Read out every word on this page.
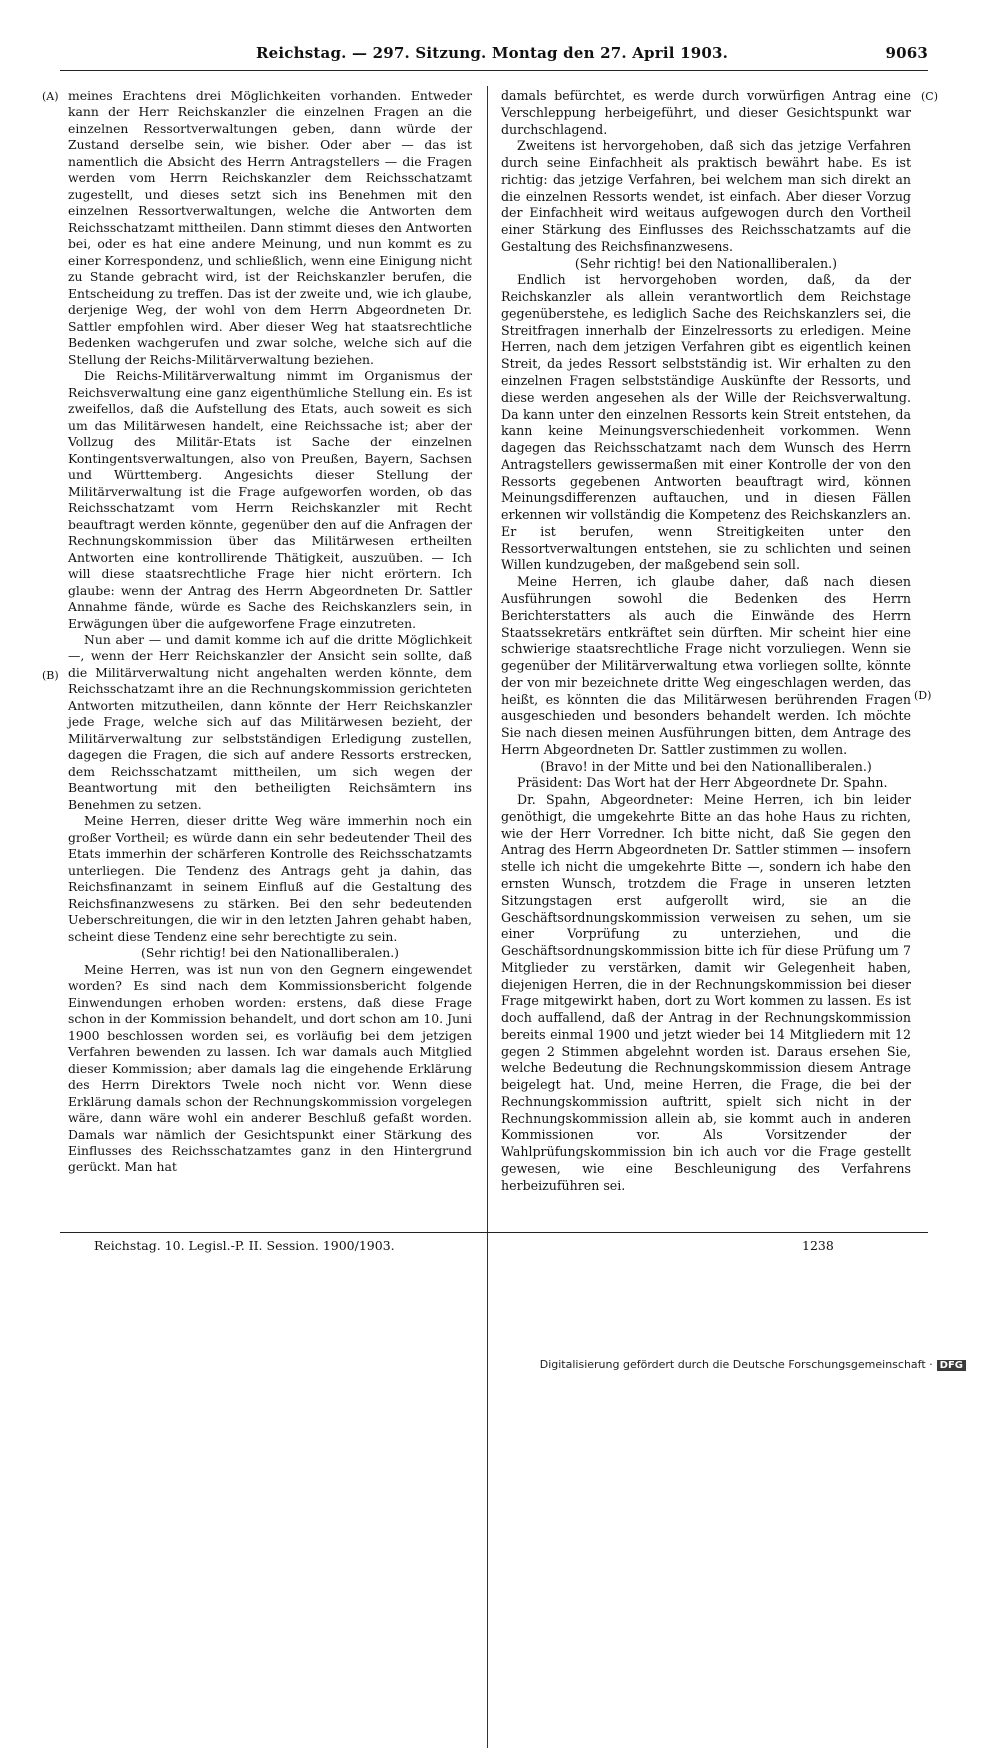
Reichstag. — 297. Sitzung. Montag den 27. April 1903.	9063
(A)
(B)
(C)
(D)

meines Erachtens drei Möglichkeiten vorhanden. Entweder kann der Herr Reichskanzler die einzelnen Fragen an die einzelnen Ressortverwaltungen geben, dann würde der Zustand derselbe sein, wie bisher. Oder aber — das ist namentlich die Absicht des Herrn Antragstellers — die Fragen werden vom Herrn Reichskanzler dem Reichsschatzamt zugestellt, und dieses setzt sich ins Benehmen mit den einzelnen Ressortverwaltungen, welche die Antworten dem Reichsschatzamt mittheilen. Dann stimmt dieses den Antworten bei, oder es hat eine andere Meinung, und nun kommt es zu einer Korrespondenz, und schließlich, wenn eine Einigung nicht zu Stande gebracht wird, ist der Reichskanzler berufen, die Entscheidung zu treffen. Das ist der zweite und, wie ich glaube, derjenige Weg, der wohl von dem Herrn Abgeordneten Dr. Sattler empfohlen wird. Aber dieser Weg hat staatsrechtliche Bedenken wachgerufen und zwar solche, welche sich auf die Stellung der Reichs-Militärverwaltung beziehen.

Die Reichs-Militärverwaltung nimmt im Organismus der Reichsverwaltung eine ganz eigenthümliche Stellung ein. Es ist zweifellos, daß die Aufstellung des Etats, auch soweit es sich um das Militärwesen handelt, eine Reichssache ist; aber der Vollzug des Militär-Etats ist Sache der einzelnen Kontingentsverwaltungen, also von Preußen, Bayern, Sachsen und Württemberg. Angesichts dieser Stellung der Militärverwaltung ist die Frage aufgeworfen worden, ob das Reichsschatzamt vom Herrn Reichskanzler mit Recht beauftragt werden könnte, gegenüber den auf die Anfragen der Rechnungskommission über das Militärwesen ertheilten Antworten eine kontrollirende Thätigkeit, auszuüben. — Ich will diese staatsrechtliche Frage hier nicht erörtern. Ich glaube: wenn der Antrag des Herrn Abgeordneten Dr. Sattler Annahme fände, würde es Sache des Reichskanzlers sein, in Erwägungen über die aufgeworfene Frage einzutreten.

Nun aber — und damit komme ich auf die dritte Möglichkeit —, wenn der Herr Reichskanzler der Ansicht sein sollte, daß die Militärverwaltung nicht angehalten werden könnte, dem Reichsschatzamt ihre an die Rechnungskommission gerichteten Antworten mitzutheilen, dann könnte der Herr Reichskanzler jede Frage, welche sich auf das Militärwesen bezieht, der Militärverwaltung zur selbstständigen Erledigung zustellen, dagegen die Fragen, die sich auf andere Ressorts erstrecken, dem Reichsschatzamt mittheilen, um sich wegen der Beantwortung mit den betheiligten Reichsämtern ins Benehmen zu setzen.

Meine Herren, dieser dritte Weg wäre immerhin noch ein großer Vortheil; es würde dann ein sehr bedeutender Theil des Etats immerhin der schärferen Kontrolle des Reichsschatzamts unterliegen. Die Tendenz des Antrags geht ja dahin, das Reichsfinanzamt in seinem Einfluß auf die Gestaltung des Reichsfinanzwesens zu stärken. Bei den sehr bedeutenden Ueberschreitungen, die wir in den letzten Jahren gehabt haben, scheint diese Tendenz eine sehr berechtigte zu sein.

(Sehr richtig! bei den Nationalliberalen.)

Meine Herren, was ist nun von den Gegnern eingewendet worden? Es sind nach dem Kommissionsbericht folgende Einwendungen erhoben worden: erstens, daß diese Frage schon in der Kommission behandelt, und dort schon am 10. Juni 1900 beschlossen worden sei, es vorläufig bei dem jetzigen Verfahren bewenden zu lassen. Ich war damals auch Mitglied dieser Kommission; aber damals lag die eingehende Erklärung des Herrn Direktors Twele noch nicht vor. Wenn diese Erklärung damals schon der Rechnungskommission vorgelegen wäre, dann wäre wohl ein anderer Beschluß gefaßt worden. Damals war nämlich der Gesichtspunkt einer Stärkung des Einflusses des Reichsschatzamtes ganz in den Hintergrund gerückt. Man hat

damals befürchtet, es werde durch vorwürfigen Antrag eine Verschleppung herbeigeführt, und dieser Gesichtspunkt war durchschlagend.

Zweitens ist hervorgehoben, daß sich das jetzige Verfahren durch seine Einfachheit als praktisch bewährt habe. Es ist richtig: das jetzige Verfahren, bei welchem man sich direkt an die einzelnen Ressorts wendet, ist einfach. Aber dieser Vorzug der Einfachheit wird weitaus aufgewogen durch den Vortheil einer Stärkung des Einflusses des Reichsschatzamts auf die Gestaltung des Reichsfinanzwesens.

(Sehr richtig! bei den Nationalliberalen.)

Endlich ist hervorgehoben worden, daß, da der Reichskanzler als allein verantwortlich dem Reichstage gegenüberstehe, es lediglich Sache des Reichskanzlers sei, die Streitfragen innerhalb der Einzelressorts zu erledigen. Meine Herren, nach dem jetzigen Verfahren gibt es eigentlich keinen Streit, da jedes Ressort selbstständig ist. Wir erhalten zu den einzelnen Fragen selbstständige Auskünfte der Ressorts, und diese werden angesehen als der Wille der Reichsverwaltung. Da kann unter den einzelnen Ressorts kein Streit entstehen, da kann keine Meinungsverschiedenheit vorkommen. Wenn dagegen das Reichsschatzamt nach dem Wunsch des Herrn Antragstellers gewissermaßen mit einer Kontrolle der von den Ressorts gegebenen Antworten beauftragt wird, können Meinungsdifferenzen auftauchen, und in diesen Fällen erkennen wir vollständig die Kompetenz des Reichskanzlers an. Er ist berufen, wenn Streitigkeiten unter den Ressortverwaltungen entstehen, sie zu schlichten und seinen Willen kundzugeben, der maßgebend sein soll.

Meine Herren, ich glaube daher, daß nach diesen Ausführungen sowohl die Bedenken des Herrn Berichterstatters als auch die Einwände des Herrn Staatssekretärs entkräftet sein dürften. Mir scheint hier eine schwierige staatsrechtliche Frage nicht vorzuliegen. Wenn sie gegenüber der Militärverwaltung etwa vorliegen sollte, könnte der von mir bezeichnete dritte Weg eingeschlagen werden, das heißt, es könnten die das Militärwesen berührenden Fragen ausgeschieden und besonders behandelt werden. Ich möchte Sie nach diesen meinen Ausführungen bitten, dem Antrage des Herrn Abgeordneten Dr. Sattler zustimmen zu wollen.

(Bravo! in der Mitte und bei den Nationalliberalen.)

Präsident: Das Wort hat der Herr Abgeordnete Dr. Spahn.

Dr. Spahn, Abgeordneter: Meine Herren, ich bin leider genöthigt, die umgekehrte Bitte an das hohe Haus zu richten, wie der Herr Vorredner. Ich bitte nicht, daß Sie gegen den Antrag des Herrn Abgeordneten Dr. Sattler stimmen — insofern stelle ich nicht die umgekehrte Bitte —, sondern ich habe den ernsten Wunsch, trotzdem die Frage in unseren letzten Sitzungstagen erst aufgerollt wird, sie an die Geschäftsordnungskommission verweisen zu sehen, um sie einer Vorprüfung zu unterziehen, und die Geschäftsordnungskommission bitte ich für diese Prüfung um 7 Mitglieder zu verstärken, damit wir Gelegenheit haben, diejenigen Herren, die in der Rechnungskommission bei dieser Frage mitgewirkt haben, dort zu Wort kommen zu lassen. Es ist doch auffallend, daß der Antrag in der Rechnungskommission bereits einmal 1900 und jetzt wieder bei 14 Mitgliedern mit 12 gegen 2 Stimmen abgelehnt worden ist. Daraus ersehen Sie, welche Bedeutung die Rechnungskommission diesem Antrage beigelegt hat. Und, meine Herren, die Frage, die bei der Rechnungskommission auftritt, spielt sich nicht in der Rechnungskommission allein ab, sie kommt auch in anderen Kommissionen vor. Als Vorsitzender der Wahlprüfungskommission bin ich auch vor die Frage gestellt gewesen, wie eine Beschleunigung des Verfahrens herbeizuführen sei.

Reichstag. 10. Legisl.-P. II. Session. 1900/1903.	1238
Digitalisierung gefördert durch die Deutsche Forschungsgemeinschaft · DFG
